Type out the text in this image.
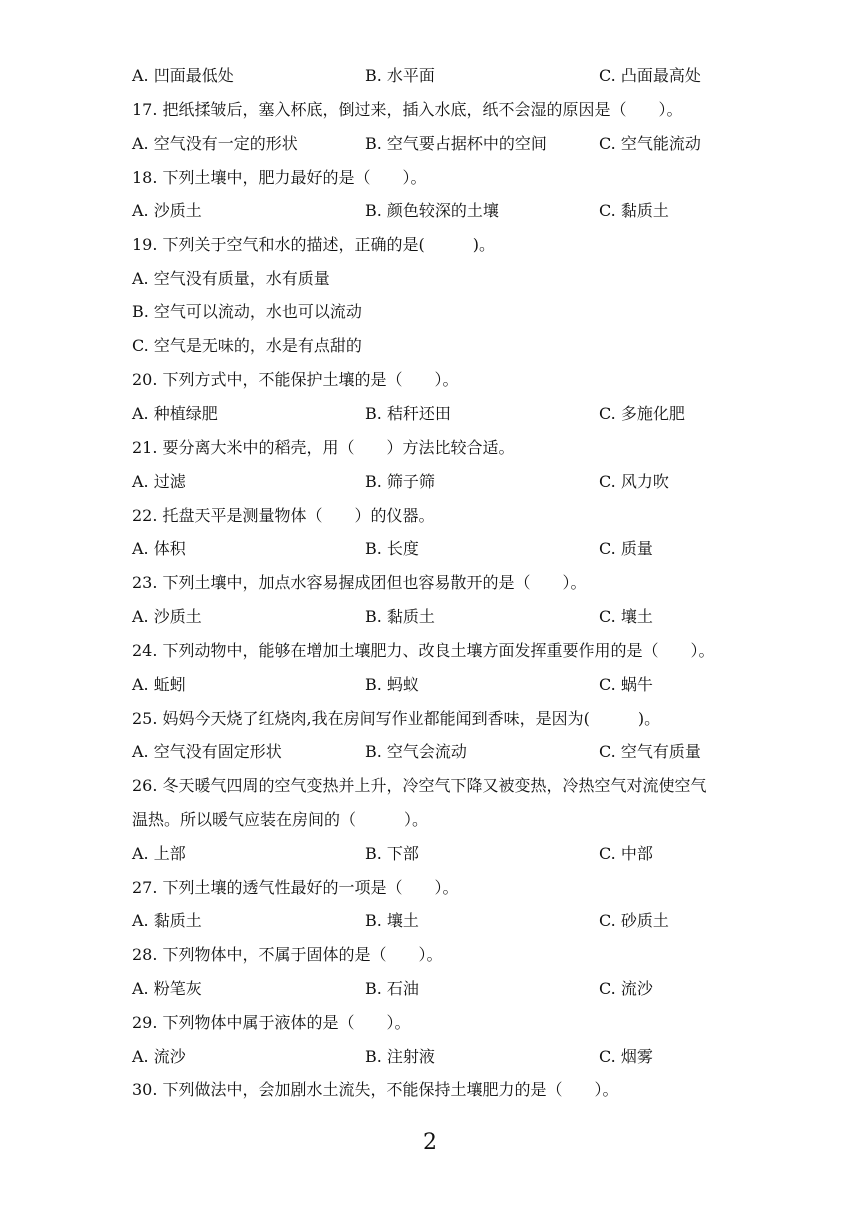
A. 凹面最低处	B. 水平面	C. 凸面最高处
17. 把纸揉皱后，塞入杯底，倒过来，插入水底，纸不会湿的原因是（　　）。
A. 空气没有一定的形状	B. 空气要占据杯中的空间	C. 空气能流动
18. 下列土壤中，肥力最好的是（　　）。
A. 沙质土	B. 颜色较深的土壤	C. 黏质土
19. 下列关于空气和水的描述，正确的是(　　　)。
A. 空气没有质量，水有质量
B. 空气可以流动，水也可以流动
C. 空气是无味的，水是有点甜的
20. 下列方式中，不能保护土壤的是（　　）。
A. 种植绿肥	B. 秸秆还田	C. 多施化肥
21. 要分离大米中的稻壳，用（　　）方法比较合适。
A. 过滤	B. 筛子筛	C. 风力吹
22. 托盘天平是测量物体（　　）的仪器。
A. 体积	B. 长度	C. 质量
23. 下列土壤中，加点水容易握成团但也容易散开的是（　　）。
A. 沙质土	B. 黏质土	C. 壤土
24. 下列动物中，能够在增加土壤肥力、改良土壤方面发挥重要作用的是（　　）。
A. 蚯蚓	B. 蚂蚁	C. 蜗牛
25. 妈妈今天烧了红烧肉,我在房间写作业都能闻到香味，是因为(　　　)。
A. 空气没有固定形状	B. 空气会流动	C. 空气有质量
26. 冬天暖气四周的空气变热并上升，冷空气下降又被变热，冷热空气对流使空气
温热。所以暖气应装在房间的（　　　）。
A. 上部	B. 下部	C. 中部
27. 下列土壤的透气性最好的一项是（　　）。
A. 黏质土	B. 壤土	C. 砂质土
28. 下列物体中，不属于固体的是（　　）。
A. 粉笔灰	B. 石油	C. 流沙
29. 下列物体中属于液体的是（　　）。
A. 流沙	B. 注射液	C. 烟雾
30. 下列做法中，会加剧水土流失，不能保持土壤肥力的是（　　）。
2
